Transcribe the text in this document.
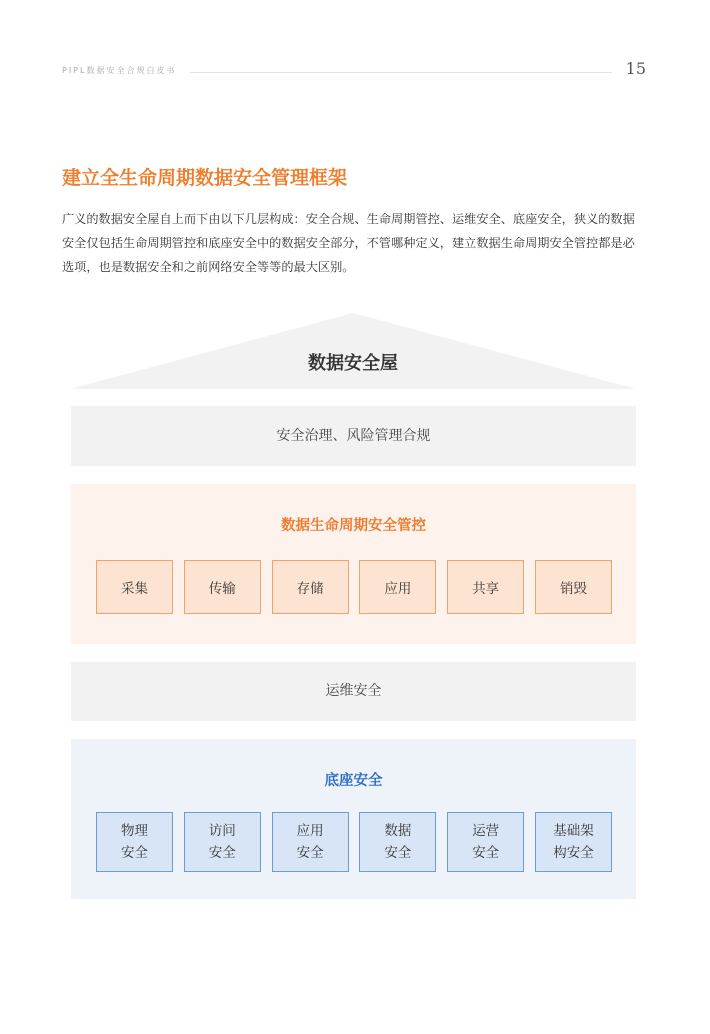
PIPL数据安全合规白皮书	15
建立全生命周期数据安全管理框架

广义的数据安全屋自上而下由以下几层构成：安全合规、生命周期管控、运维安全、底座安全，狭义的数据安全仅包括生命周期管控和底座安全中的数据安全部分，不管哪种定义，建立数据生命周期安全管控都是必选项，也是数据安全和之前网络安全等等的最大区别。

数据安全屋
安全治理、风险管理合规
数据生命周期安全管控
采集	传输	存储	应用	共享	销毁
运维安全
底座安全
物理
安全
访问
安全
应用
安全
数据
安全
运营
安全
基础架
构安全
